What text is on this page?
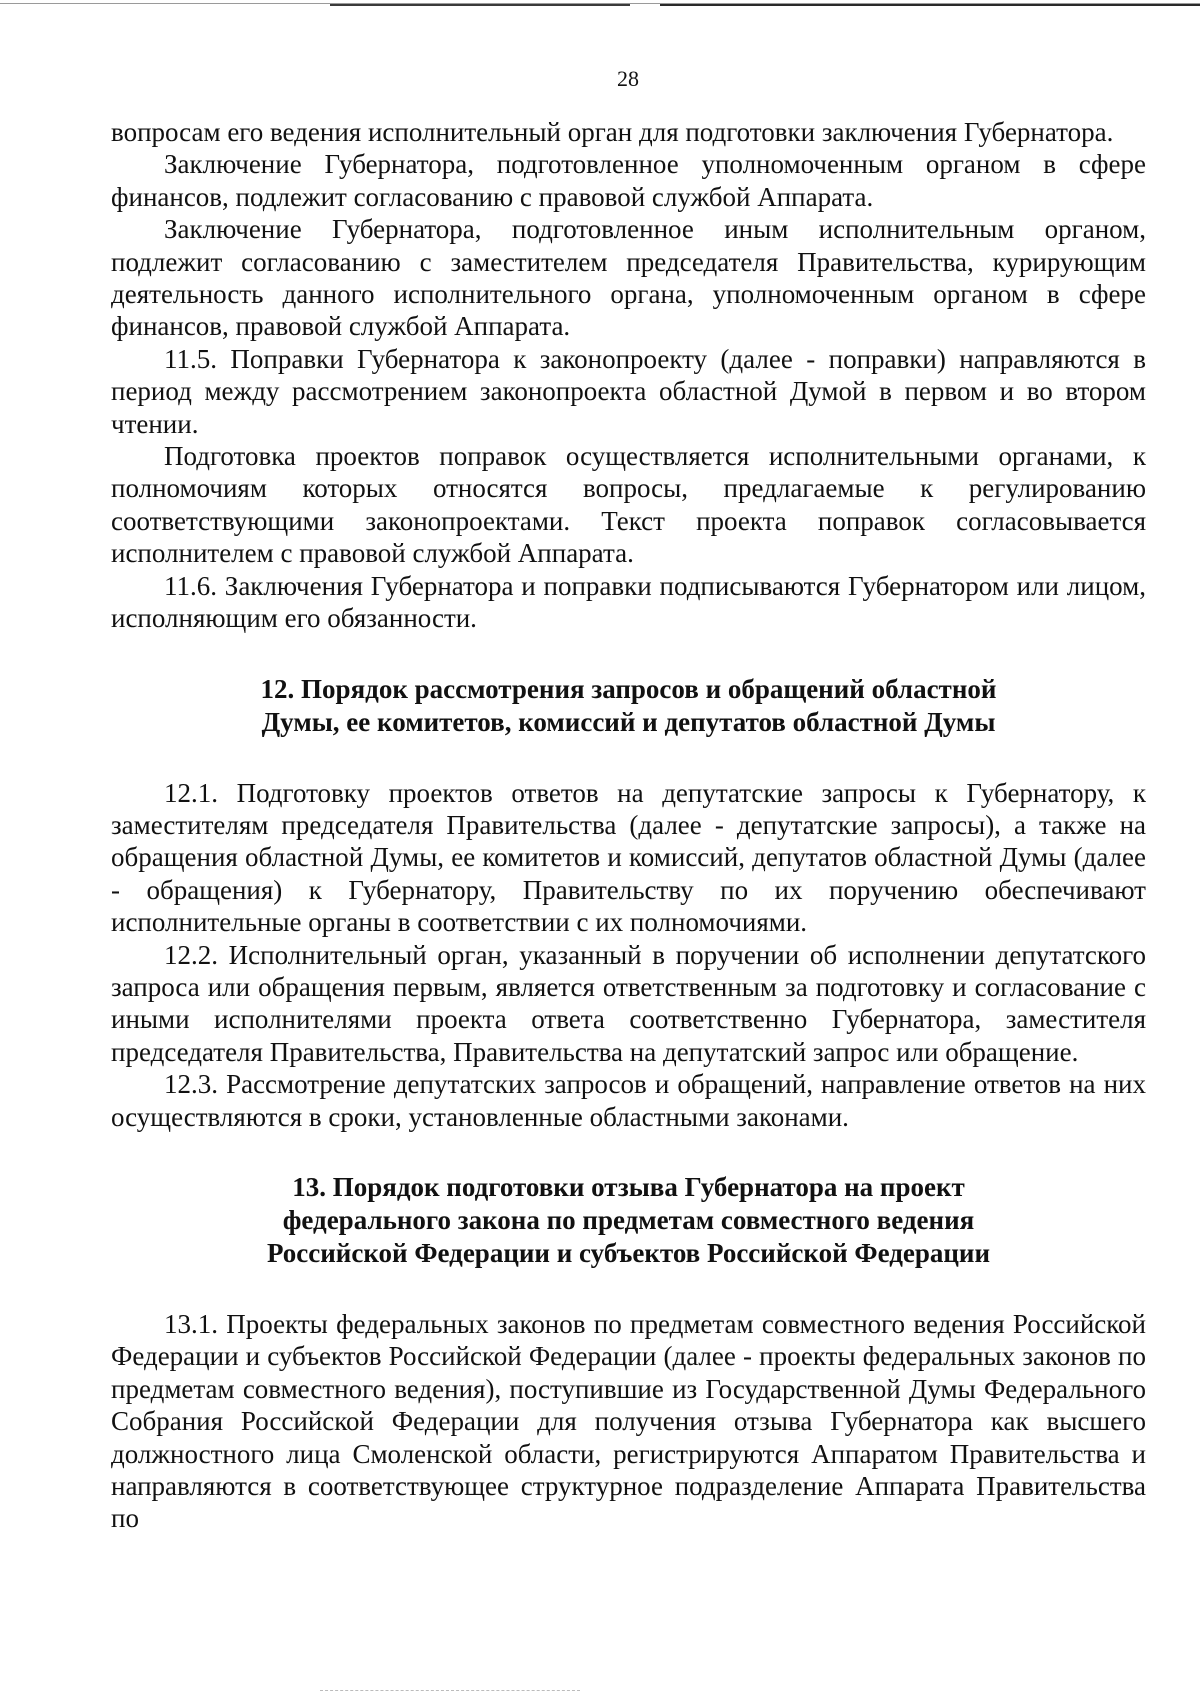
28

вопросам его ведения исполнительный орган для подготовки заключения Губернатора.

Заключение Губернатора, подготовленное уполномоченным органом в сфере финансов, подлежит согласованию с правовой службой Аппарата.

Заключение Губернатора, подготовленное иным исполнительным органом, подлежит согласованию с заместителем председателя Правительства, курирующим деятельность данного исполнительного органа, уполномоченным органом в сфере финансов, правовой службой Аппарата.

11.5. Поправки Губернатора к законопроекту (далее - поправки) направляются в период между рассмотрением законопроекта областной Думой в первом и во втором чтении.

Подготовка проектов поправок осуществляется исполнительными органами, к полномочиям которых относятся вопросы, предлагаемые к регулированию соответствующими законопроектами. Текст проекта поправок согласовывается исполнителем с правовой службой Аппарата.

11.6. Заключения Губернатора и поправки подписываются Губернатором или лицом, исполняющим его обязанности.

12. Порядок рассмотрения запросов и обращений областной
Думы, ее комитетов, комиссий и депутатов областной Думы

12.1. Подготовку проектов ответов на депутатские запросы к Губернатору, к заместителям председателя Правительства (далее - депутатские запросы), а также на обращения областной Думы, ее комитетов и комиссий, депутатов областной Думы (далее - обращения) к Губернатору, Правительству по их поручению обеспечивают исполнительные органы в соответствии с их полномочиями.

12.2. Исполнительный орган, указанный в поручении об исполнении депутатского запроса или обращения первым, является ответственным за подготовку и согласование с иными исполнителями проекта ответа соответственно Губернатора, заместителя председателя Правительства, Правительства на депутатский запрос или обращение.

12.3. Рассмотрение депутатских запросов и обращений, направление ответов на них осуществляются в сроки, установленные областными законами.

13. Порядок подготовки отзыва Губернатора на проект
федерального закона по предметам совместного ведения
Российской Федерации и субъектов Российской Федерации

13.1. Проекты федеральных законов по предметам совместного ведения Российской Федерации и субъектов Российской Федерации (далее - проекты федеральных законов по предметам совместного ведения), поступившие из Государственной Думы Федерального Собрания Российской Федерации для получения отзыва Губернатора как высшего должностного лица Смоленской области, регистрируются Аппаратом Правительства и направляются в соответствующее структурное подразделение Аппарата Правительства по
